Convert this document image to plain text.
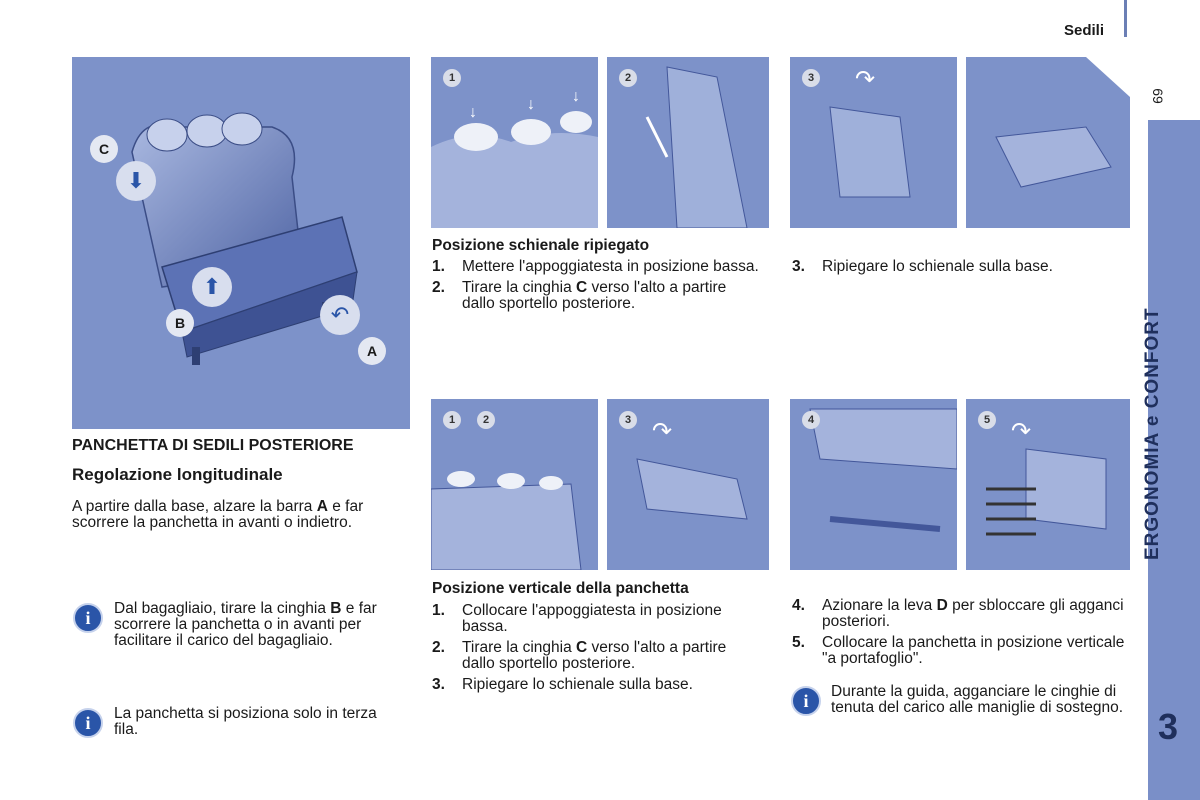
Sedili
69
ERGONOMIA e CONFORT
3
C
B
A
⬇
⬆
↶
↓	↓ ↓
1	2	↷
3
Posizione schienale ripiegato
1. Mettere l'appoggiatesta in posizione bassa.
2. Tirare la cinghia C verso l'alto a partire dallo sportello posteriore.
3. Ripiegare lo schienale sulla base.
1	2	↷
3	4	↷
5
Posizione verticale della panchetta
1. Collocare l'appoggiatesta in posizione bassa.
2. Tirare la cinghia C verso l'alto a partire dallo sportello posteriore.
3. Ripiegare lo schienale sulla base.
4. Azionare la leva D per sbloccare gli agganci posteriori.
5. Collocare la panchetta in posizione verticale "a portafoglio".
i	Durante la guida, agganciare le cinghie di tenuta del carico alle maniglie di sostegno.
PANCHETTA DI SEDILI POSTERIORE
Regolazione longitudinale
A partire dalla base, alzare la barra A e far scorrere la panchetta in avanti o indietro.
i	Dal bagagliaio, tirare la cinghia B e far scorrere la panchetta o in avanti per facilitare il carico del bagagliaio.
i	La panchetta si posiziona solo in terza fila.
